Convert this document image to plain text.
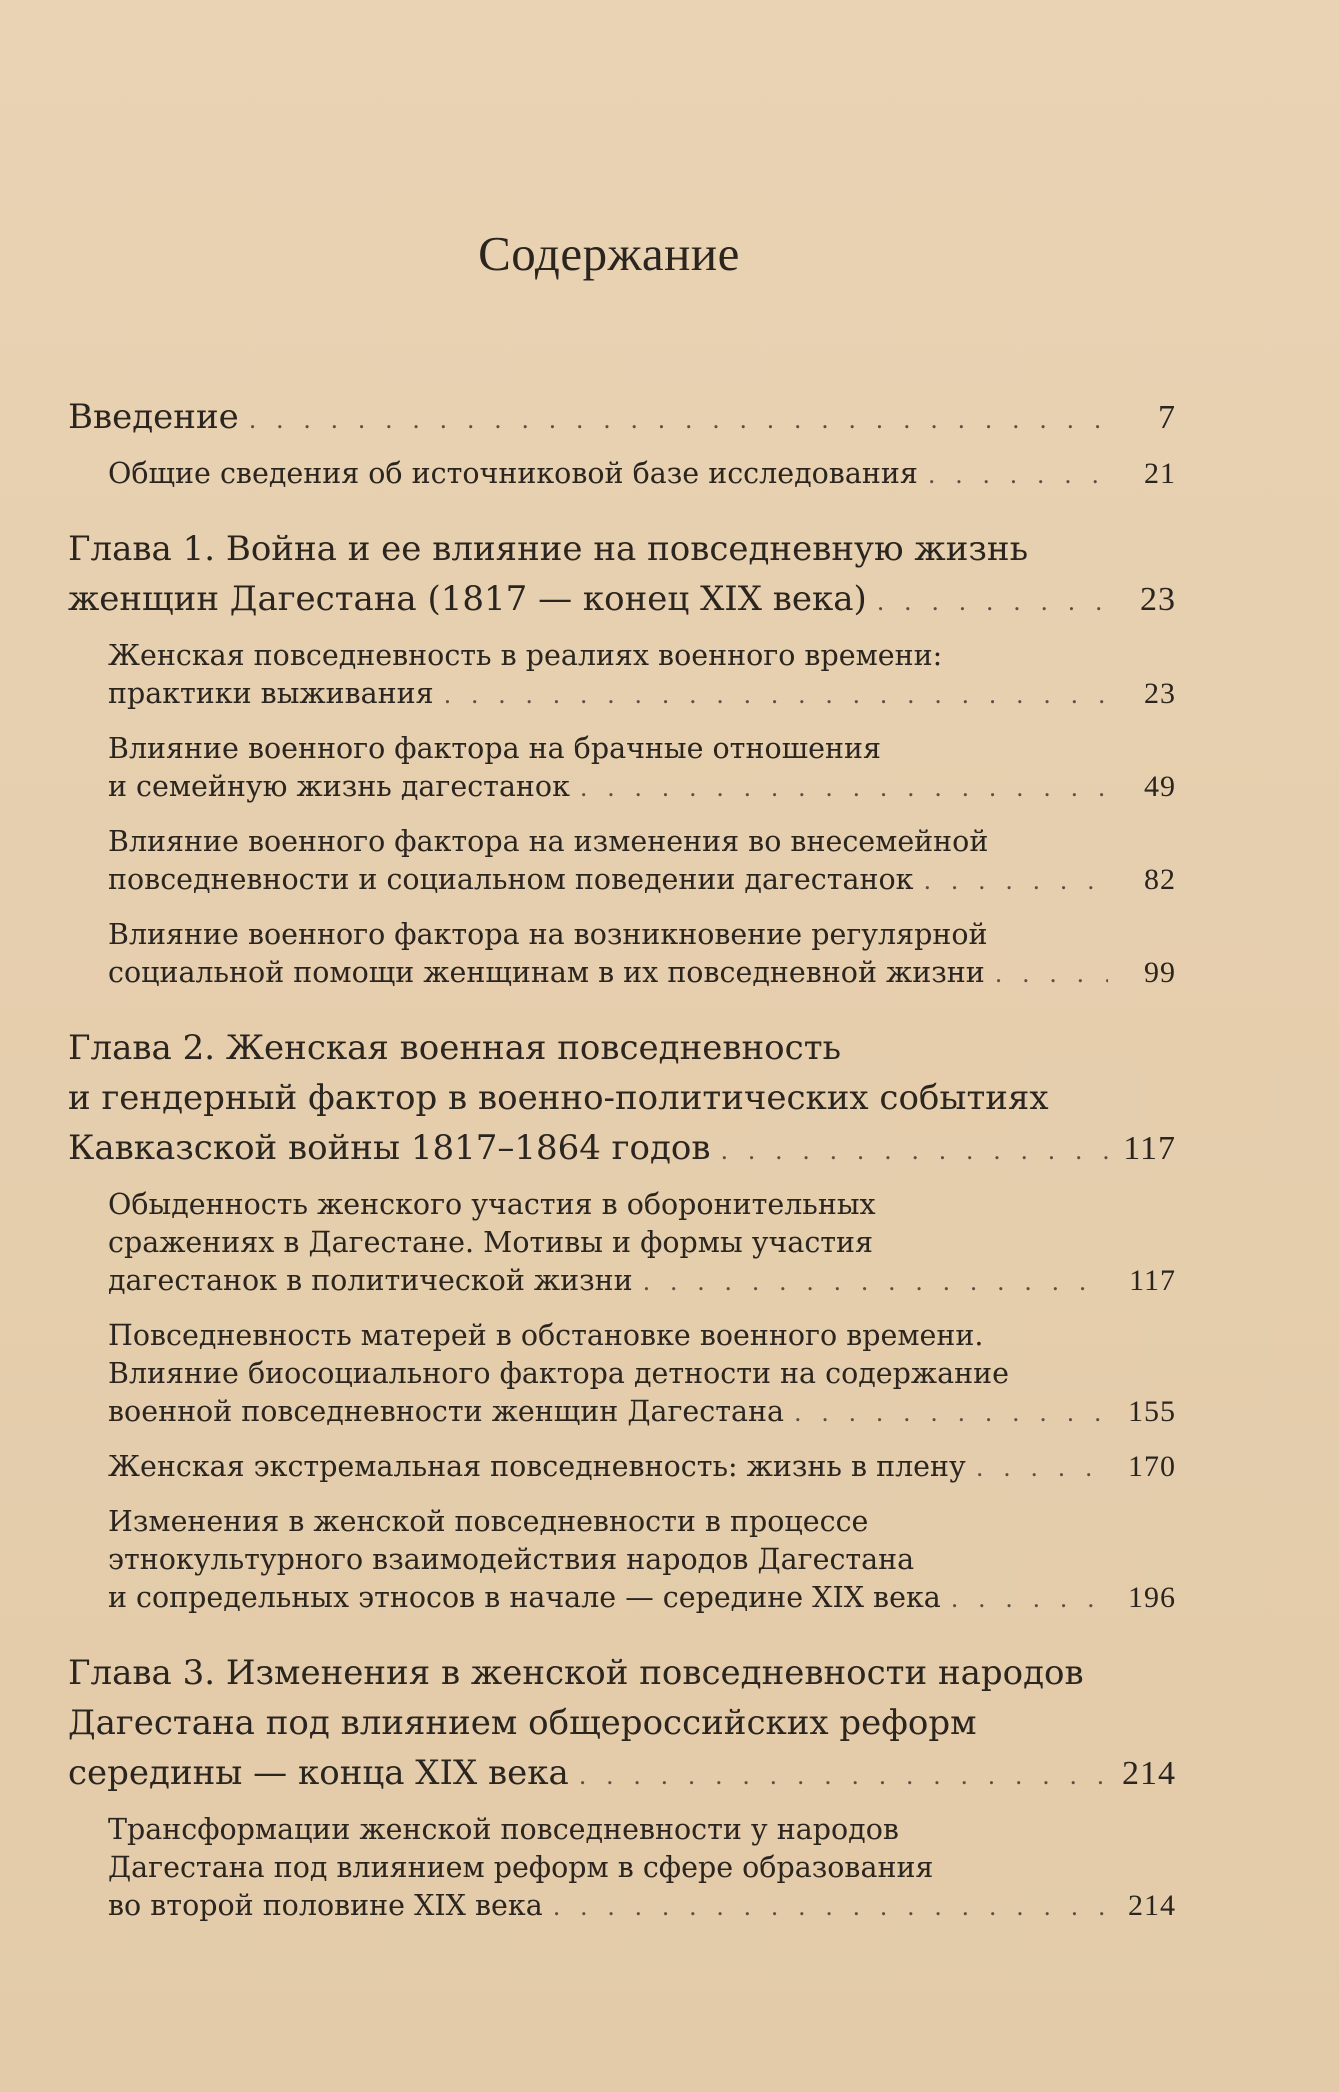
Содержание
Введение . . .	7
Общие сведения об источниковой базе исследования . . .	21
Глава 1. Война и ее влияние на повседневную жизнь
женщин Дагестана (1817 — конец XIX века) . . .	23
Женская повседневность в реалиях военного времени:
практики выживания . . .	23
Влияние военного фактора на брачные отношения
и семейную жизнь дагестанок . . .	49
Влияние военного фактора на изменения во внесемейной
повседневности и социальном поведении дагестанок . . .	82
Влияние военного фактора на возникновение регулярной
социальной помощи женщинам в их повседневной жизни . . .	99
Глава 2. Женская военная повседневность
и гендерный фактор в военно-политических событиях
Кавказской войны 1817–1864 годов . . .	117
Обыденность женского участия в оборонительных
сражениях в Дагестане. Мотивы и формы участия
дагестанок в политической жизни . . .	117
Повседневность матерей в обстановке военного времени.
Влияние биосоциального фактора детности на содержание
военной повседневности женщин Дагестана . . .	155
Женская экстремальная повседневность: жизнь в плену . . .	170
Изменения в женской повседневности в процессе
этнокультурного взаимодействия народов Дагестана
и сопредельных этносов в начале — середине XIX века . . .	196
Глава 3. Изменения в женской повседневности народов
Дагестана под влиянием общероссийских реформ
середины — конца XIX века . . .	214
Трансформации женской повседневности у народов
Дагестана под влиянием реформ в сфере образования
во второй половине XIX века . . .	214
